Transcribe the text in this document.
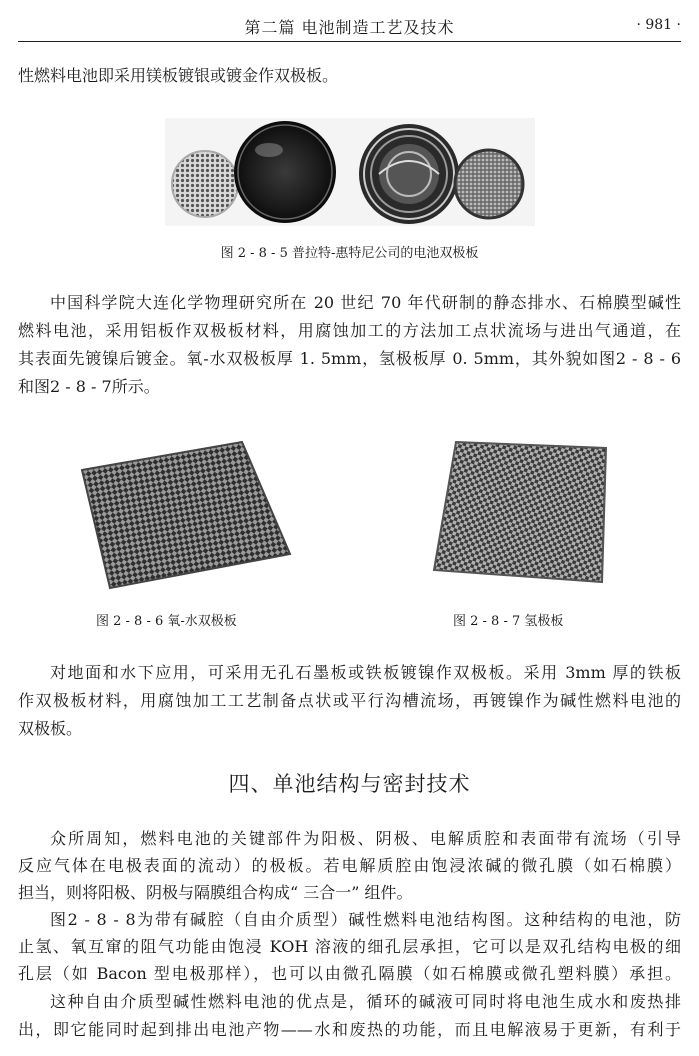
第二篇 电池制造工艺及技术	· 981 ·
性燃料电池即采用镁板镀银或镀金作双极板。
图 2 - 8 - 5 普拉特-惠特尼公司的电池双极板
中国科学院大连化学物理研究所在 20 世纪 70 年代研制的静态排水、石棉膜型碱性
燃料电池，采用铝板作双极板材料，用腐蚀加工的方法加工点状流场与进出气通道，在
其表面先镀镍后镀金。氧-水双极板厚 1. 5mm，氢极板厚 0. 5mm，其外貌如图2 - 8 - 6
和图2 - 8 - 7所示。
图 2 - 8 - 6 氧-水双极板	图 2 - 8 - 7 氢极板
对地面和水下应用，可采用无孔石墨板或铁板镀镍作双极板。采用 3mm 厚的铁板
作双极板材料，用腐蚀加工工艺制备点状或平行沟槽流场，再镀镍作为碱性燃料电池的
双极板。
四、单池结构与密封技术
众所周知，燃料电池的关键部件为阳极、阴极、电解质腔和表面带有流场（引导
反应气体在电极表面的流动）的极板。若电解质腔由饱浸浓碱的微孔膜（如石棉膜）
担当，则将阳极、阴极与隔膜组合构成“ 三合一” 组件。
图2 - 8 - 8为带有碱腔（自由介质型）碱性燃料电池结构图。这种结构的电池，防
止氢、氧互窜的阻气功能由饱浸 KOH 溶液的细孔层承担，它可以是双孔结构电极的细
孔层（如 Bacon 型电极那样），也可以由微孔隔膜（如石棉膜或微孔塑料膜）承担。
这种自由介质型碱性燃料电池的优点是，循环的碱液可同时将电池生成水和废热排
出，即它能同时起到排出电池产物——水和废热的功能，而且电解液易于更新，有利于
